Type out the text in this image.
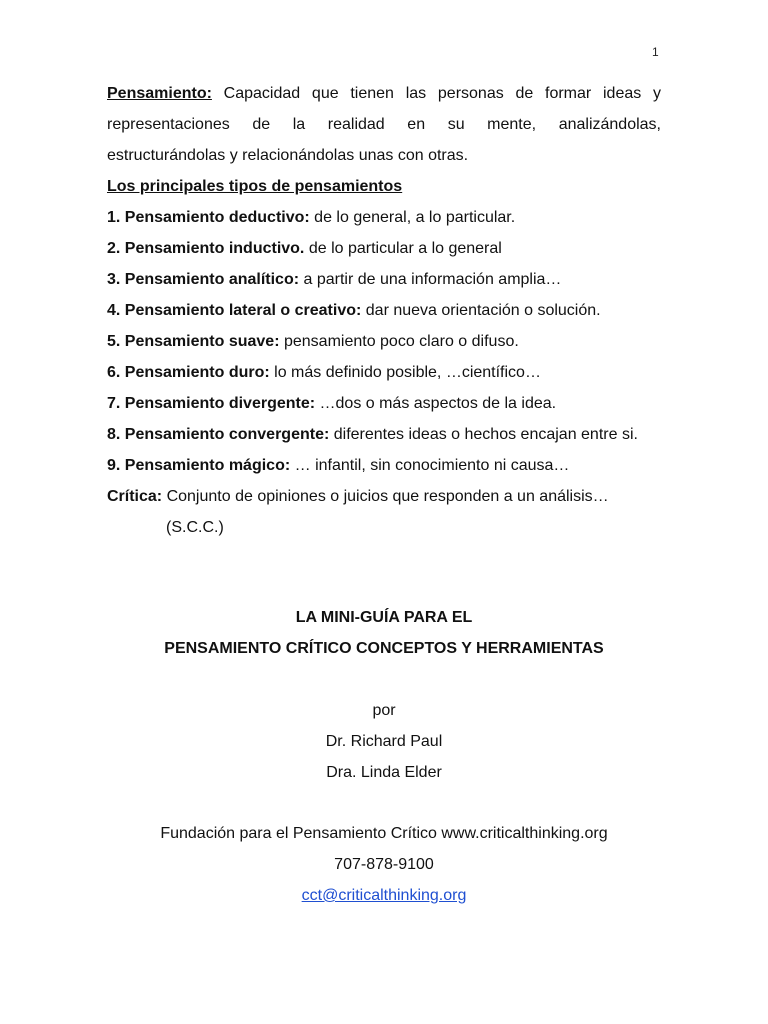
1
Pensamiento: Capacidad que tienen las personas de formar ideas y
representaciones de la realidad en su mente, analizándolas,
estructurándolas y relacionándolas unas con otras.
Los principales tipos de pensamientos
1. Pensamiento deductivo: de lo general, a lo particular.
2. Pensamiento inductivo. de lo particular a lo general
3. Pensamiento analítico: a partir de una información amplia…
4. Pensamiento lateral o creativo: dar nueva orientación o solución.
5. Pensamiento suave: pensamiento poco claro o difuso.
6. Pensamiento duro: lo más definido posible, …científico…
7. Pensamiento divergente: …dos o más aspectos de la idea.
8. Pensamiento convergente: diferentes ideas o hechos encajan entre si.
9. Pensamiento mágico: … infantil, sin conocimiento ni causa…
Crítica: Conjunto de opiniones o juicios que responden a un análisis…
(S.C.C.)
LA MINI-GUÍA PARA EL
PENSAMIENTO CRÍTICO CONCEPTOS Y HERRAMIENTAS
por
Dr. Richard Paul
Dra. Linda Elder
Fundación para el Pensamiento Crítico www.criticalthinking.org
707-878-9100
cct@criticalthinking.org
